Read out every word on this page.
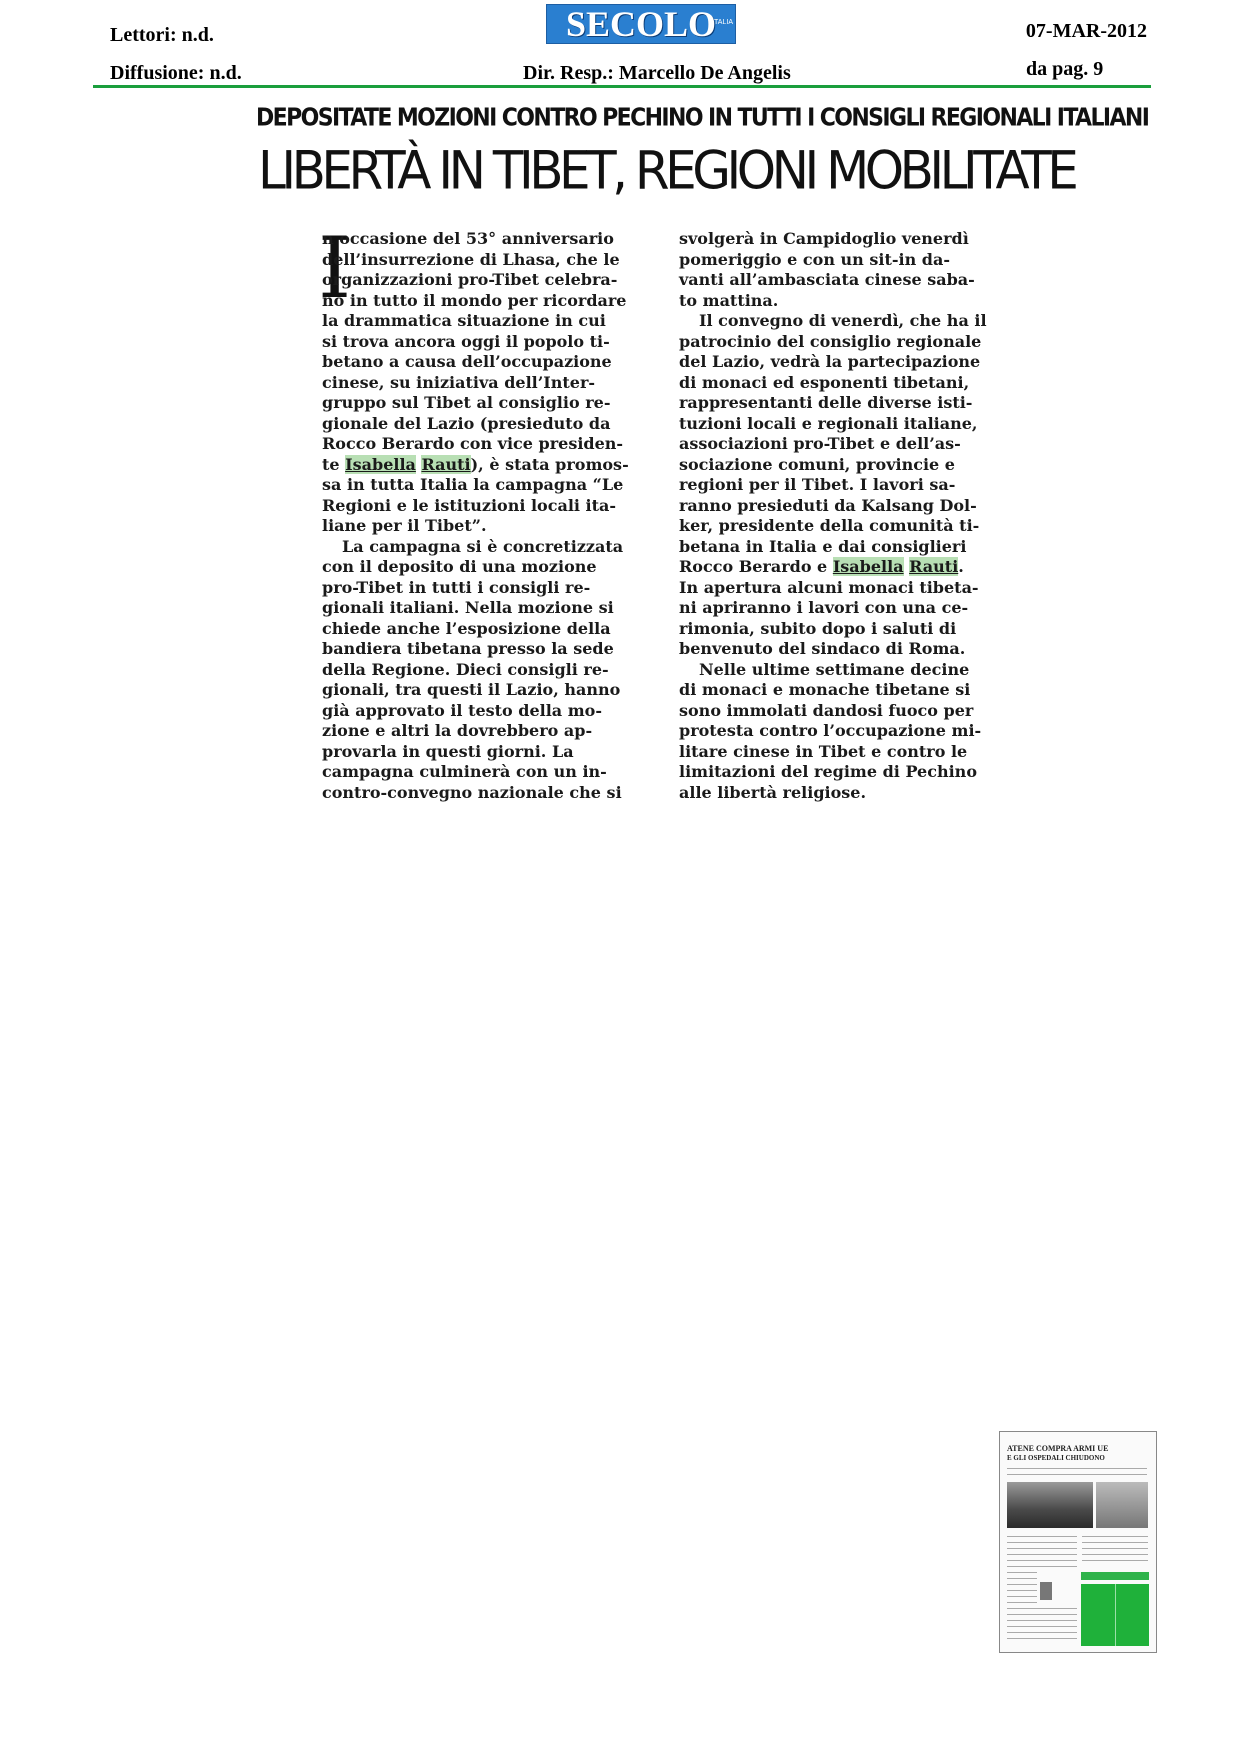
Lettori: n.d.
Diffusione: n.d.
SECOLO
ITALIA	07-MAR-2012
Dir. Resp.: Marcello De Angelis	da pag. 9
DEPOSITATE MOZIONI CONTRO PECHINO IN TUTTI I CONSIGLI REGIONALI ITALIANI
LIBERTÀ IN TIBET, REGIONI MOBILITATE
I
n occasione del 53° anniversario
dell’insurrezione di Lhasa, che le
organizzazioni pro-Tibet celebra-
no in tutto il mondo per ricordare
la drammatica situazione in cui
si trova ancora oggi il popolo ti-
betano a causa dell’occupazione
cinese, su iniziativa dell’Inter-
gruppo sul Tibet al consiglio re-
gionale del Lazio (presieduto da
Rocco Berardo con vice presiden-
te Isabella Rauti), è stata promos-
sa in tutta Italia la campagna “Le
Regioni e le istituzioni locali ita-
liane per il Tibet”.
La campagna si è concretizzata
con il deposito di una mozione
pro-Tibet in tutti i consigli re-
gionali italiani. Nella mozione si
chiede anche l’esposizione della
bandiera tibetana presso la sede
della Regione. Dieci consigli re-
gionali, tra questi il Lazio, hanno
già approvato il testo della mo-
zione e altri la dovrebbero ap-
provarla in questi giorni. La
campagna culminerà con un in-
contro-convegno nazionale che si
svolgerà in Campidoglio venerdì
pomeriggio e con un sit-in da-
vanti all’ambasciata cinese saba-
to mattina.
Il convegno di venerdì, che ha il
patrocinio del consiglio regionale
del Lazio, vedrà la partecipazione
di monaci ed esponenti tibetani,
rappresentanti delle diverse isti-
tuzioni locali e regionali italiane,
associazioni pro-Tibet e dell’as-
sociazione comuni, provincie e
regioni per il Tibet. I lavori sa-
ranno presieduti da Kalsang Dol-
ker, presidente della comunità ti-
betana in Italia e dai consiglieri
Rocco Berardo e Isabella Rauti.
In apertura alcuni monaci tibeta-
ni apriranno i lavori con una ce-
rimonia, subito dopo i saluti di
benvenuto del sindaco di Roma.
Nelle ultime settimane decine
di monaci e monache tibetane si
sono immolati dandosi fuoco per
protesta contro l’occupazione mi-
litare cinese in Tibet e contro le
limitazioni del regime di Pechino
alle libertà religiose.
ATENE COMPRA ARMI UE
E GLI OSPEDALI CHIUDONO
